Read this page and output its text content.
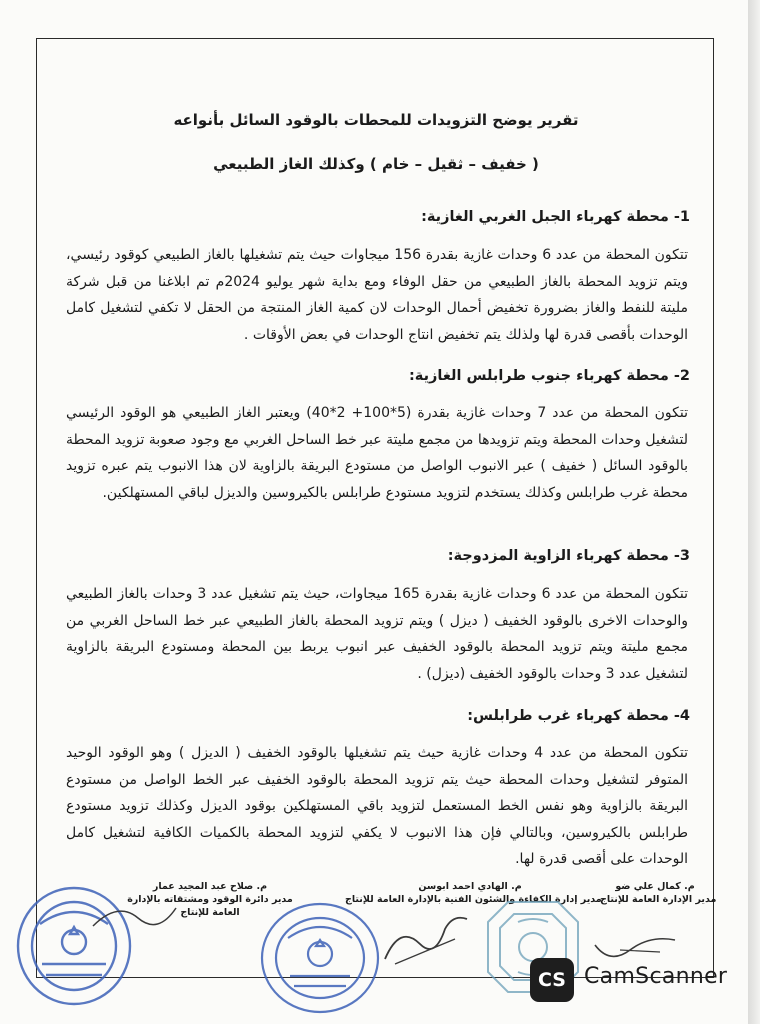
تقرير يوضح التزويدات للمحطات بالوقود السائل بأنواعه
( خفيف – ثقيل – خام ) وكذلك الغاز الطبيعي
1- محطة كهرباء الجبل الغربي الغازية:
تتكون المحطة من عدد 6 وحدات غازية بقدرة 156 ميجاوات حيث يتم تشغيلها بالغاز الطبيعي كوقود رئيسي، ويتم تزويد المحطة بالغاز الطبيعي من حقل الوفاء ومع بداية شهر يوليو 2024م تم ابلاغنا من قبل شركة مليتة للنفط والغاز بضرورة تخفيض أحمال الوحدات لان كمية الغاز المنتجة من الحقل لا تكفي لتشغيل كامل الوحدات بأقصى قدرة لها ولذلك يتم تخفيض انتاج الوحدات في بعض الأوقات .
2- محطة كهرباء جنوب طرابلس الغازية:
تتكون المحطة من عدد 7 وحدات غازية بقدرة (5*100+ 2*40) ويعتبر الغاز الطبيعي هو الوقود الرئيسي لتشغيل وحدات المحطة ويتم تزويدها من مجمع مليتة عبر خط الساحل الغربي مع وجود صعوبة تزويد المحطة بالوقود السائل ( خفيف ) عبر الانبوب الواصل من مستودع البريقة بالزاوية لان هذا الانبوب يتم عبره تزويد محطة غرب طرابلس وكذلك يستخدم لتزويد مستودع طرابلس بالكيروسين والديزل لباقي المستهلكين.
3- محطة كهرباء الزاوية المزدوجة:
تتكون المحطة من عدد 6 وحدات غازية بقدرة 165 ميجاوات، حيث يتم تشغيل عدد 3 وحدات بالغاز الطبيعي والوحدات الاخرى بالوقود الخفيف ( ديزل ) ويتم تزويد المحطة بالغاز الطبيعي عبر خط الساحل الغربي من مجمع مليتة ويتم تزويد المحطة بالوقود الخفيف عبر انبوب يربط بين المحطة ومستودع البريقة بالزاوية لتشغيل عدد 3 وحدات بالوقود الخفيف (ديزل) .
4- محطة كهرباء غرب طرابلس:
تتكون المحطة من عدد 4 وحدات غازية حيث يتم تشغيلها بالوقود الخفيف ( الديزل ) وهو الوقود الوحيد المتوفر لتشغيل وحدات المحطة حيث يتم تزويد المحطة بالوقود الخفيف عبر الخط الواصل من مستودع البريقة بالزاوية وهو نفس الخط المستعمل لتزويد باقي المستهلكين بوقود الديزل وكذلك تزويد مستودع طرابلس بالكيروسين، وبالتالي فإن هذا الانبوب لا يكفي لتزويد المحطة بالكميات الكافية لتشغيل كامل الوحدات على أقصى قدرة لها.
م. كمال علي ضو
مدير الإدارة العامة للإنتاج
م. الهادي احمد ابوسن
مدير إدارة الكفاءة والشئون الفنية بالإدارة العامة للإنتاج
م. صلاح عبد المجيد عمار
مدير دائرة الوقود ومشتقاته بالإدارة
العامة للإنتاج
CS CamScanner
